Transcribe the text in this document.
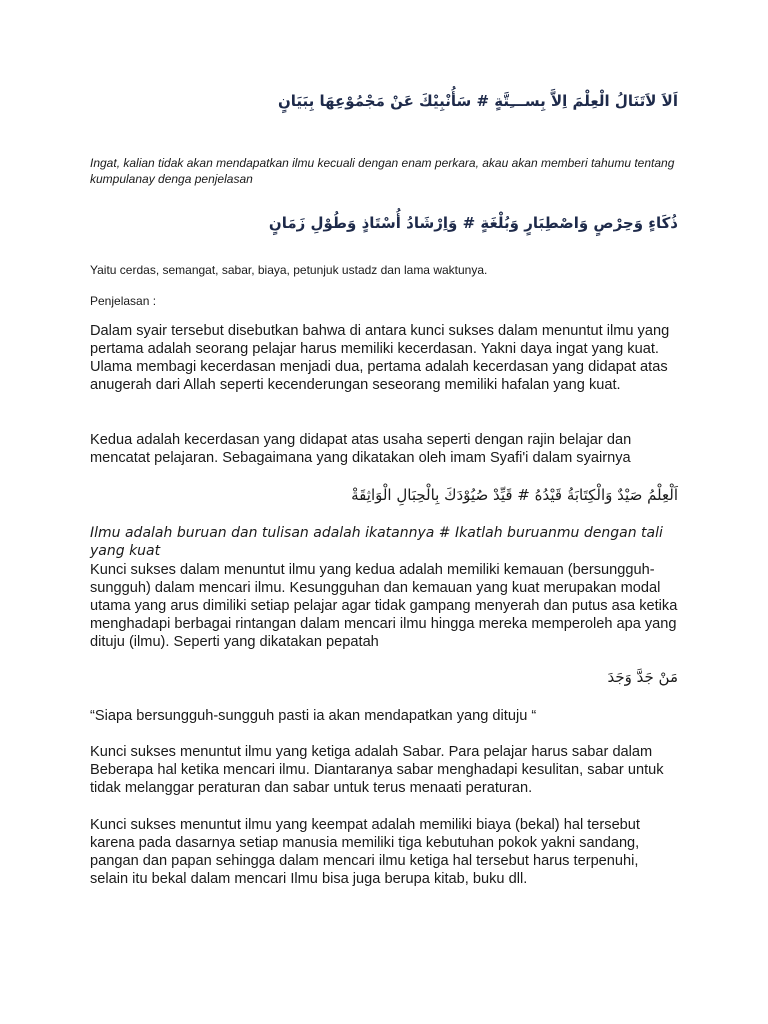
اَلاَ لاَتَنَالُ الْعِلْمَ اِلاَّ بِســـِتَّةٍ # سَأُنْبِيْكَ عَنْ مَجْمُوْعِهَا بِبَيَانٍ

Ingat, kalian tidak akan mendapatkan ilmu kecuali dengan enam perkara, akau akan memberi tahumu tentang kumpulanay denga penjelasan

ذُكَاءٍ وَحِرْصٍ وَاصْطِبَارٍ وَبُلْغَةٍ # وَاِرْشَادُ أُسْتَاذٍ وَطُوْلِ زَمَانٍ

Yaitu cerdas, semangat, sabar, biaya, petunjuk ustadz dan lama waktunya.

Penjelasan :

Dalam syair tersebut disebutkan bahwa di antara kunci sukses dalam menuntut ilmu yang pertama adalah seorang pelajar harus memiliki kecerdasan. Yakni daya ingat yang kuat. Ulama membagi kecerdasan menjadi dua, pertama adalah kecerdasan yang didapat atas anugerah dari Allah seperti kecenderungan seseorang memiliki hafalan yang kuat.

Kedua adalah kecerdasan yang didapat atas usaha seperti dengan rajin belajar dan mencatat pelajaran. Sebagaimana yang dikatakan oleh imam Syafi'i dalam syairnya

اَلْعِلْمُ صَيْدٌ وَالْكِتَابَةُ قَيْدُهُ # قَيِّدْ صُيُوْدَكَ بِالْحِبَالِ الْوَاثِقَةْ

Ilmu adalah buruan dan tulisan adalah ikatannya # Ikatlah buruanmu dengan tali yang kuat

Kunci sukses dalam menuntut ilmu yang kedua adalah memiliki kemauan (bersungguh-sungguh) dalam mencari ilmu. Kesungguhan dan kemauan yang kuat merupakan modal utama yang arus dimiliki setiap pelajar agar tidak gampang menyerah dan putus asa ketika menghadapi berbagai rintangan dalam mencari ilmu hingga mereka memperoleh apa yang dituju (ilmu). Seperti yang dikatakan pepatah

مَنْ جَدَّ وَجَدَ

“Siapa bersungguh-sungguh pasti ia akan mendapatkan yang dituju “

Kunci sukses menuntut ilmu yang ketiga adalah Sabar. Para pelajar harus sabar dalam Beberapa hal ketika mencari ilmu. Diantaranya sabar menghadapi kesulitan, sabar untuk tidak melanggar peraturan dan sabar untuk terus menaati peraturan.

Kunci sukses menuntut ilmu yang keempat adalah memiliki biaya (bekal) hal tersebut karena pada dasarnya setiap manusia memiliki tiga kebutuhan pokok yakni sandang, pangan dan papan sehingga dalam mencari ilmu ketiga hal tersebut harus terpenuhi, selain itu bekal dalam mencari Ilmu bisa juga berupa kitab, buku dll.
